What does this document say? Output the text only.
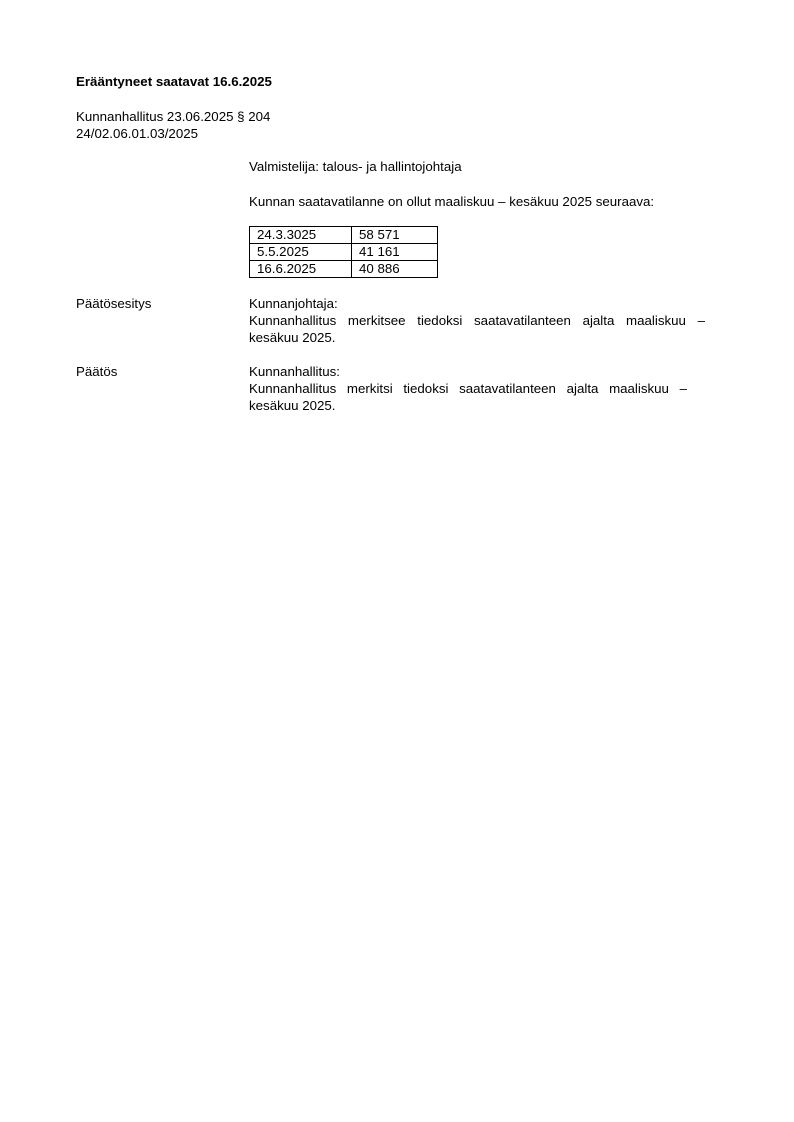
Erääntyneet saatavat 16.6.2025
Kunnanhallitus 23.06.2025 § 204
24/02.06.01.03/2025
Valmistelija: talous- ja hallintojohtaja
Kunnan saatavatilanne on ollut maaliskuu – kesäkuu 2025 seuraava:
24.3.3025	58 571
5.5.2025	41 161
16.6.2025	40 886
Päätösesitys	Kunnanjohtaja:
Kunnanhallitus merkitsee tiedoksi saatavatilanteen ajalta maaliskuu –
kesäkuu 2025.
Päätös	Kunnanhallitus:
Kunnanhallitus merkitsi tiedoksi saatavatilanteen ajalta maaliskuu –
kesäkuu 2025.
